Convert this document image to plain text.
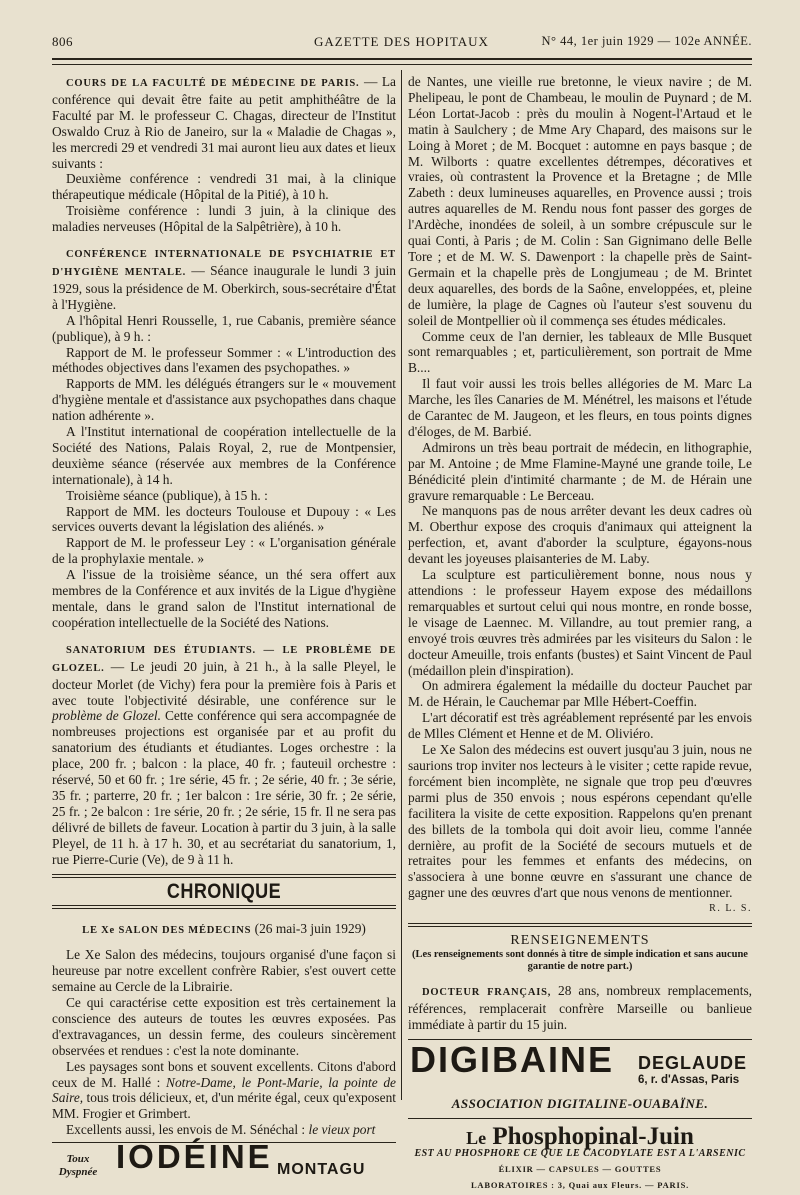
806	GAZETTE DES HOPITAUX	N° 44, 1er juin 1929 — 102e ANNÉE.

COURS DE LA FACULTÉ DE MÉDECINE DE PARIS. — La conférence qui devait être faite au petit amphithéâtre de la Faculté par M. le professeur C. Chagas, directeur de l'Institut Oswaldo Cruz à Rio de Janeiro, sur la « Maladie de Chagas », les mercredi 29 et vendredi 31 mai auront lieu aux dates et lieux suivants :

Deuxième conférence : vendredi 31 mai, à la clinique thérapeutique médicale (Hôpital de la Pitié), à 10 h.

Troisième conférence : lundi 3 juin, à la clinique des maladies nerveuses (Hôpital de la Salpêtrière), à 10 h.

CONFÉRENCE INTERNATIONALE DE PSYCHIATRIE ET D'HYGIÈNE MENTALE. — Séance inaugurale le lundi 3 juin 1929, sous la présidence de M. Oberkirch, sous-secrétaire d'État à l'Hygiène.

A l'hôpital Henri Rousselle, 1, rue Cabanis, première séance (publique), à 9 h. :

Rapport de M. le professeur Sommer : « L'introduction des méthodes objectives dans l'examen des psychopathes. »

Rapports de MM. les délégués étrangers sur le « mouvement d'hygiène mentale et d'assistance aux psychopathes dans chaque nation adhérente ».

A l'Institut international de coopération intellectuelle de la Société des Nations, Palais Royal, 2, rue de Montpensier, deuxième séance (réservée aux membres de la Conférence internationale), à 14 h.

Troisième séance (publique), à 15 h. :

Rapport de MM. les docteurs Toulouse et Dupouy : « Les services ouverts devant la législation des aliénés. »

Rapport de M. le professeur Ley : « L'organisation générale de la prophylaxie mentale. »

A l'issue de la troisième séance, un thé sera offert aux membres de la Conférence et aux invités de la Ligue d'hygiène mentale, dans le grand salon de l'Institut international de coopération intellectuelle de la Société des Nations.

SANATORIUM DES ÉTUDIANTS. — LE PROBLÈME DE GLOZEL. — Le jeudi 20 juin, à 21 h., à la salle Pleyel, le docteur Morlet (de Vichy) fera pour la première fois à Paris et avec toute l'objectivité désirable, une conférence sur le problème de Glozel. Cette conférence qui sera accompagnée de nombreuses projections est organisée par et au profit du sanatorium des étudiants et étudiantes. Loges orchestre : la place, 200 fr. ; balcon : la place, 40 fr. ; fauteuil orchestre : réservé, 50 et 60 fr. ; 1re série, 45 fr. ; 2e série, 40 fr. ; 3e série, 35 fr. ; parterre, 20 fr. ; 1er balcon : 1re série, 30 fr. ; 2e série, 25 fr. ; 2e balcon : 1re série, 20 fr. ; 2e série, 15 fr. Il ne sera pas délivré de billets de faveur. Location à partir du 3 juin, à la salle Pleyel, de 11 h. à 17 h. 30, et au secrétariat du sanatorium, 1, rue Pierre-Curie (Ve), de 9 à 11 h.

CHRONIQUE

LE Xe SALON DES MÉDECINS (26 mai-3 juin 1929)

Le Xe Salon des médecins, toujours organisé d'une façon si heureuse par notre excellent confrère Rabier, s'est ouvert cette semaine au Cercle de la Librairie.

Ce qui caractérise cette exposition est très certainement la conscience des auteurs de toutes les œuvres exposées. Pas d'extravagances, un dessin ferme, des couleurs sincèrement observées et rendues : c'est la note dominante.

Les paysages sont bons et souvent excellents. Citons d'abord ceux de M. Hallé : Notre-Dame, le Pont-Marie, la pointe de Saire, tous trois délicieux, et, d'un mérite égal, ceux qu'exposent MM. Frogier et Grimbert.

Excellents aussi, les envois de M. Sénéchal : le vieux port

Toux Dyspnée IODÉINE MONTAGU

de Nantes, une vieille rue bretonne, le vieux navire ; de M. Phelipeau, le pont de Chambeau, le moulin de Puynard ; de M. Léon Lortat-Jacob : près du moulin à Nogent-l'Artaud et le matin à Saulchery ; de Mme Ary Chapard, des maisons sur le Loing à Moret ; de M. Bocquet : automne en pays basque ; de M. Wilborts : quatre excellentes détrempes, décoratives et vraies, où contrastent la Provence et la Bretagne ; de Mlle Zabeth : deux lumineuses aquarelles, en Provence aussi ; trois autres aquarelles de M. Rendu nous font passer des gorges de l'Ardèche, inondées de soleil, à un sombre crépuscule sur le quai Conti, à Paris ; de M. Colin : San Gignimano delle Belle Tore ; et de M. W. S. Dawenport : la chapelle près de Saint-Germain et la chapelle près de Longjumeau ; de M. Brintet deux aquarelles, des bords de la Saône, enveloppées, et, pleine de lumière, la plage de Cagnes où l'auteur s'est souvenu du soleil de Montpellier où il commença ses études médicales.

Comme ceux de l'an dernier, les tableaux de Mlle Busquet sont remarquables ; et, particulièrement, son portrait de Mme B....

Il faut voir aussi les trois belles allégories de M. Marc La Marche, les îles Canaries de M. Ménétrel, les maisons et l'étude de Carantec de M. Jaugeon, et les fleurs, en tous points dignes d'éloges, de M. Barbié.

Admirons un très beau portrait de médecin, en lithographie, par M. Antoine ; de Mme Flamine-Mayné une grande toile, Le Bénédicité plein d'intimité charmante ; de M. de Hérain une gravure remarquable : Le Berceau.

Ne manquons pas de nous arrêter devant les deux cadres où M. Oberthur expose des croquis d'animaux qui atteignent la perfection, et, avant d'aborder la sculpture, égayons-nous devant les joyeuses plaisanteries de M. Laby.

La sculpture est particulièrement bonne, nous nous y attendions : le professeur Hayem expose des médaillons remarquables et surtout celui qui nous montre, en ronde bosse, le visage de Laennec. M. Villandre, au tout premier rang, a envoyé trois œuvres très admirées par les visiteurs du Salon : le docteur Ameuille, trois enfants (bustes) et Saint Vincent de Paul (médaillon plein d'inspiration).

On admirera également la médaille du docteur Pauchet par M. de Hérain, le Cauchemar par Mlle Hébert-Coeffin.

L'art décoratif est très agréablement représenté par les envois de Mlles Clément et Henne et de M. Oliviéro.

Le Xe Salon des médecins est ouvert jusqu'au 3 juin, nous ne saurions trop inviter nos lecteurs à le visiter ; cette rapide revue, forcément bien incomplète, ne signale que trop peu d'œuvres parmi plus de 350 envois ; nous espérons cependant qu'elle facilitera la visite de cette exposition. Rappelons qu'en prenant des billets de la tombola qui doit avoir lieu, comme l'année dernière, au profit de la Société de secours mutuels et de retraites pour les femmes et enfants des médecins, on s'associera à une bonne œuvre en s'assurant une chance de gagner une des œuvres d'art que nous venons de mentionner.

R. L. S.

RENSEIGNEMENTS

(Les renseignements sont donnés à titre de simple indication et sans aucune garantie de notre part.)

DOCTEUR FRANÇAIS, 28 ans, nombreux remplacements, références, remplacerait confrère Marseille ou banlieue immédiate à partir du 15 juin.

DIGIBAINE DEGLAUDE
6, r. d'Assas, Paris

ASSOCIATION DIGITALINE-OUABAÏNE.

Le Phosphopinal-Juin

EST AU PHOSPHORE CE QUE LE CACODYLATE EST A L'ARSENIC

ÉLIXIR — CAPSULES — GOUTTES

LABORATOIRES : 3, Quai aux Fleurs. — PARIS.
